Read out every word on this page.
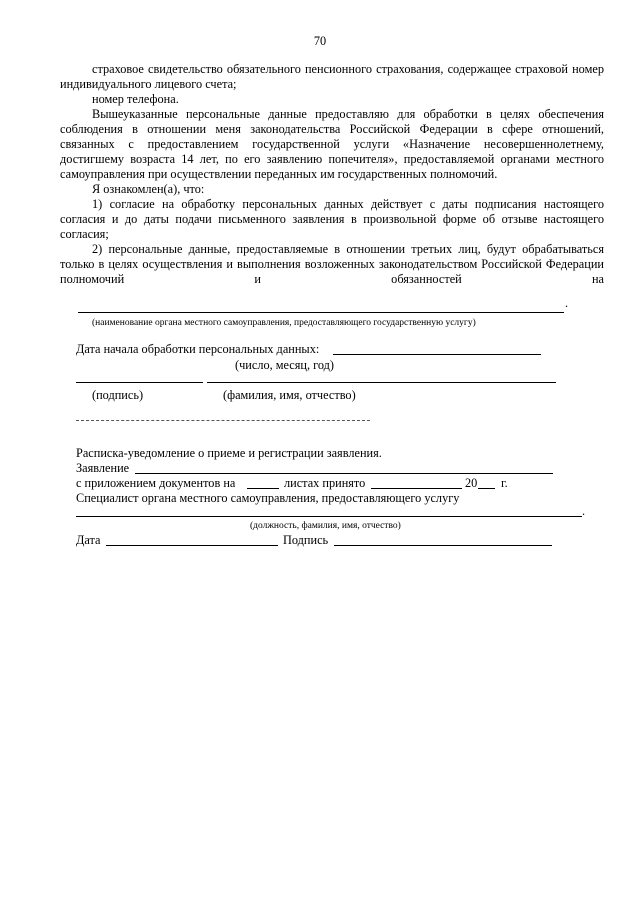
70

страховое свидетельство обязательного пенсионного страхования, содержащее страховой номер индивидуального лицевого счета;

номер телефона.

Вышеуказанные персональные данные предоставляю для обработки в целях обеспечения соблюдения в отношении меня законодательства Российской Федерации в сфере отношений, связанных с предоставлением государственной услуги «Назначение несовершеннолетнему, достигшему возраста 14 лет, по его заявлению попечителя», предоставляемой органами местного самоуправления при осуществлении переданных им государственных полномочий.

Я ознакомлен(а), что:

1) согласие на обработку персональных данных действует с даты подписания настоящего согласия и до даты подачи письменного заявления в произвольной форме об отзыве настоящего согласия;

2) персональные данные, предоставляемые в отношении третьих лиц, будут обрабатываться только в целях осуществления и выполнения возложенных законодательством Российской Федерации полномочий и обязанностей на

.
(наименование органа местного самоуправления, предоставляющего государственную услугу)
Дата начала обработки персональных данных:
(число, месяц, год)
(подпись)	(фамилия, имя, отчество)
Расписка-уведомление о приеме и регистрации заявления.
Заявление
с приложением документов на	листах принято	20 г.
Специалист органа местного самоуправления, предоставляющего услугу
.
(должность, фамилия, имя, отчество)
Дата	Подпись
